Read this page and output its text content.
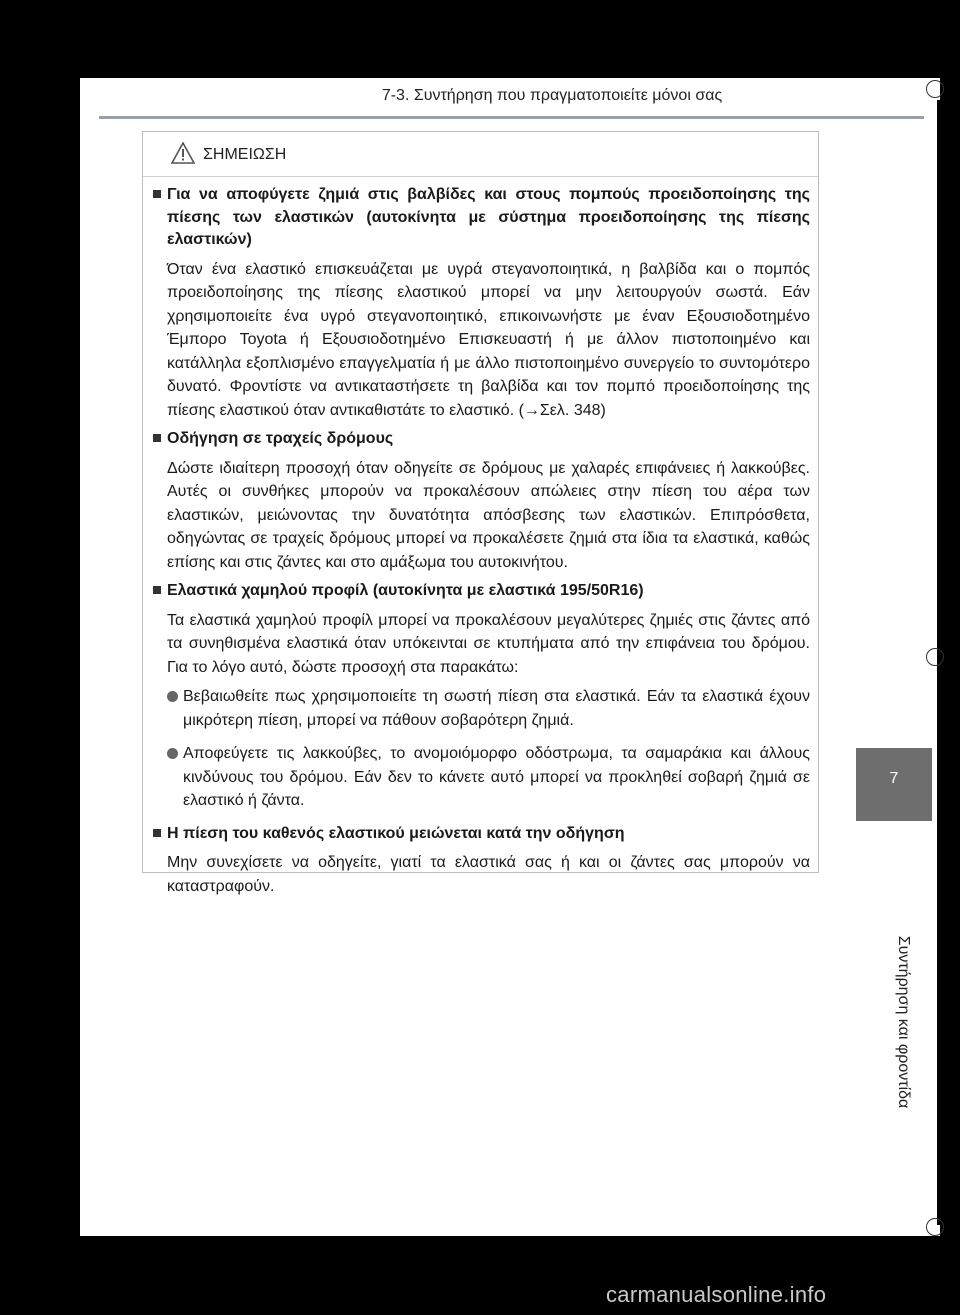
7-3. Συντήρηση που πραγματοποιείτε μόνοι σας
7
Συντήρηση και φροντίδα
ΣΗΜΕΙΩΣΗ

Για να αποφύγετε ζημιά στις βαλβίδες και στους πομπούς προειδοποίησης της πίεσης των ελαστικών (αυτοκίνητα με σύστημα προειδοποίησης της πίεσης ελαστικών)

Όταν ένα ελαστικό επισκευάζεται με υγρά στεγανοποιητικά, η βαλβίδα και ο πομπός προειδοποίησης της πίεσης ελαστικού μπορεί να μην λειτουργούν σωστά. Εάν χρησιμοποιείτε ένα υγρό στεγανοποιητικό, επικοινωνήστε με έναν Εξουσιοδοτημένο Έμπορο Toyota ή Εξουσιοδοτημένο Επισκευαστή ή με άλλον πιστοποιημένο και κατάλληλα εξοπλισμένο επαγγελματία ή με άλλο πιστοποιημένο συνεργείο το συντομότερο δυνατό. Φροντίστε να αντικαταστήσετε τη βαλβίδα και τον πομπό προειδοποίησης της πίεσης ελαστικού όταν αντικαθιστάτε το ελαστικό. (→Σελ. 348)

Οδήγηση σε τραχείς δρόμους

Δώστε ιδιαίτερη προσοχή όταν οδηγείτε σε δρόμους με χαλαρές επιφάνειες ή λακκούβες. Αυτές οι συνθήκες μπορούν να προκαλέσουν απώλειες στην πίεση του αέρα των ελαστικών, μειώνοντας την δυνατότητα απόσβεσης των ελαστικών. Επιπρόσθετα, οδηγώντας σε τραχείς δρόμους μπορεί να προκαλέσετε ζημιά στα ίδια τα ελαστικά, καθώς επίσης και στις ζάντες και στο αμάξωμα του αυτοκινήτου.

Ελαστικά χαμηλού προφίλ (αυτοκίνητα με ελαστικά 195/50R16)

Τα ελαστικά χαμηλού προφίλ μπορεί να προκαλέσουν μεγαλύτερες ζημιές στις ζάντες από τα συνηθισμένα ελαστικά όταν υπόκεινται σε κτυπήματα από την επιφάνεια του δρόμου. Για το λόγο αυτό, δώστε προσοχή στα παρακάτω:

Βεβαιωθείτε πως χρησιμοποιείτε τη σωστή πίεση στα ελαστικά. Εάν τα ελαστικά έχουν μικρότερη πίεση, μπορεί να πάθουν σοβαρότερη ζημιά.
Αποφεύγετε τις λακκούβες, το ανομοιόμορφο οδόστρωμα, τα σαμαράκια και άλλους κινδύνους του δρόμου. Εάν δεν το κάνετε αυτό μπορεί να προκληθεί σοβαρή ζημιά σε ελαστικό ή ζάντα.

Η πίεση του καθενός ελαστικού μειώνεται κατά την οδήγηση

Μην συνεχίσετε να οδηγείτε, γιατί τα ελαστικά σας ή και οι ζάντες σας μπορούν να καταστραφούν.

carmanualsonline.info
